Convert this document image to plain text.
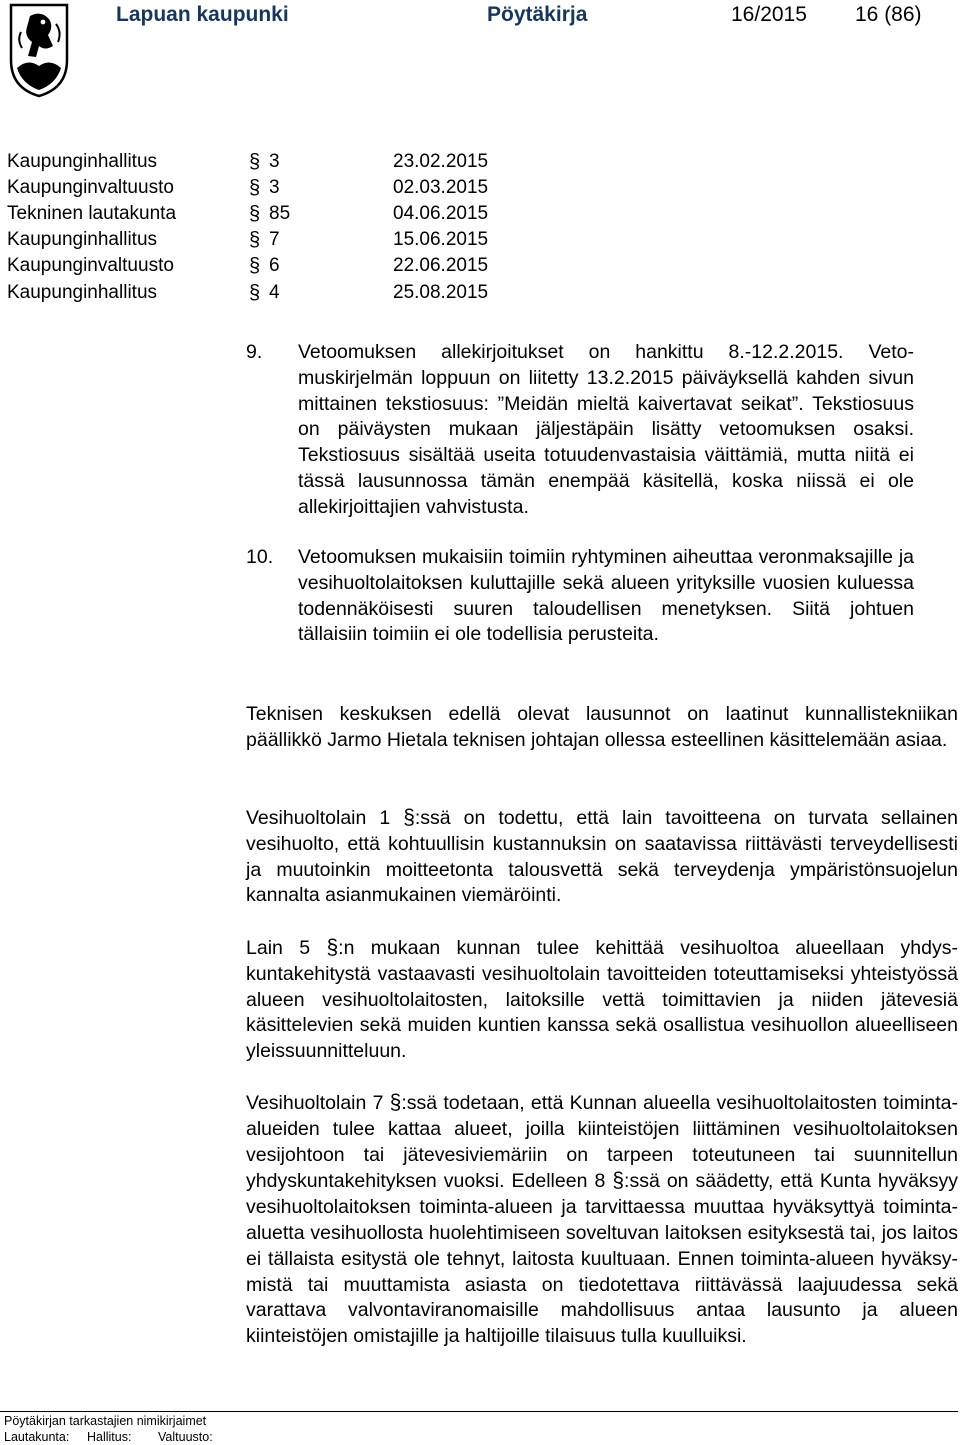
Lapuan kaupunki	Pöytäkirja	16/2015 16 (86)
Kaupunginhallitus	§ 3	23.02.2015
Kaupunginvaltuusto	§ 3	02.03.2015
Tekninen lautakunta	§ 85	04.06.2015
Kaupunginhallitus	§ 7	15.06.2015
Kaupunginvaltuusto	§ 6	22.06.2015
Kaupunginhallitus	§ 4	25.08.2015
9. Vetoomuksen allekirjoitukset on hankittu 8.-12.2.2015. Vetomuskirjelmän loppuun on liitetty 13.2.2015 päiväyksellä kahden sivun mittainen tekstiosuus: ”Meidän mieltä kaivertavat seikat”. Tekstiosuus on päiväysten mukaan jäljestäpäin lisätty vetoomuksen osaksi. Tekstiosuus sisältää useita totuudenvastaisia väittämiä, mutta niitä ei tässä lausunnossa tämän enempää käsitellä, koska niissä ei ole allekirjoittajien vahvistusta.
10. Vetoomuksen mukaisiin toimiin ryhtyminen aiheuttaa veronmaksajille ja vesihuoltolaitoksen kuluttajille sekä alueen yrityksille vuosien kuluessa todennäköisesti suuren taloudellisen menetyksen. Siitä johtuen tällaisiin toimiin ei ole todellisia perusteita.
Teknisen keskuksen edellä olevat lausunnot on laatinut kunnallistekniikan päällikkö Jarmo Hietala teknisen johtajan ollessa esteellinen käsittelemään asiaa.
Vesihuoltolain 1 §:ssä on todettu, että lain tavoitteena on turvata sellainen vesihuolto, että kohtuullisin kustannuksin on saatavissa riittävästi terveydellisesti ja muutoinkin moitteetonta talousvettä sekä terveydenja ympäristönsuojelun kannalta asianmukainen viemäröinti.
Lain 5 §:n mukaan kunnan tulee kehittää vesihuoltoa alueellaan yhdyskuntakehitystä vastaavasti vesihuoltolain tavoitteiden toteuttamiseksi yhteistyössä alueen vesihuoltolaitosten, laitoksille vettä toimittavien ja niiden jätevesiä käsittelevien sekä muiden kuntien kanssa sekä osallistua vesihuollon alueelliseen yleissuunnitteluun.
Vesihuoltolain 7 §:ssä todetaan, että Kunnan alueella vesihuoltolaitosten toiminta-alueiden tulee kattaa alueet, joilla kiinteistöjen liittäminen vesihuoltolaitoksen vesijohtoon tai jätevesiviemäriin on tarpeen toteutuneen tai suunnitellun yhdyskuntakehityksen vuoksi. Edelleen 8 §:ssä on säädetty, että Kunta hyväksyy vesihuoltolaitoksen toiminta-alueen ja tarvittaessa muuttaa hyväksyttyä toiminta-aluetta vesihuollosta huolehtimiseen soveltuvan laitoksen esityksestä tai, jos laitos ei tällaista esitystä ole tehnyt, laitosta kuultuaan. Ennen toiminta-alueen hyväksymistä tai muuttamista asiasta on tiedotettava riittävässä laajuudessa sekä varattava valvontaviranomaisille mahdollisuus antaa lausunto ja alueen kiinteistöjen omistajille ja haltijoille tilaisuus tulla kuulluiksi.
Pöytäkirjan tarkastajien nimikirjaimet
Lautakunta: Hallitus: Valtuusto:
